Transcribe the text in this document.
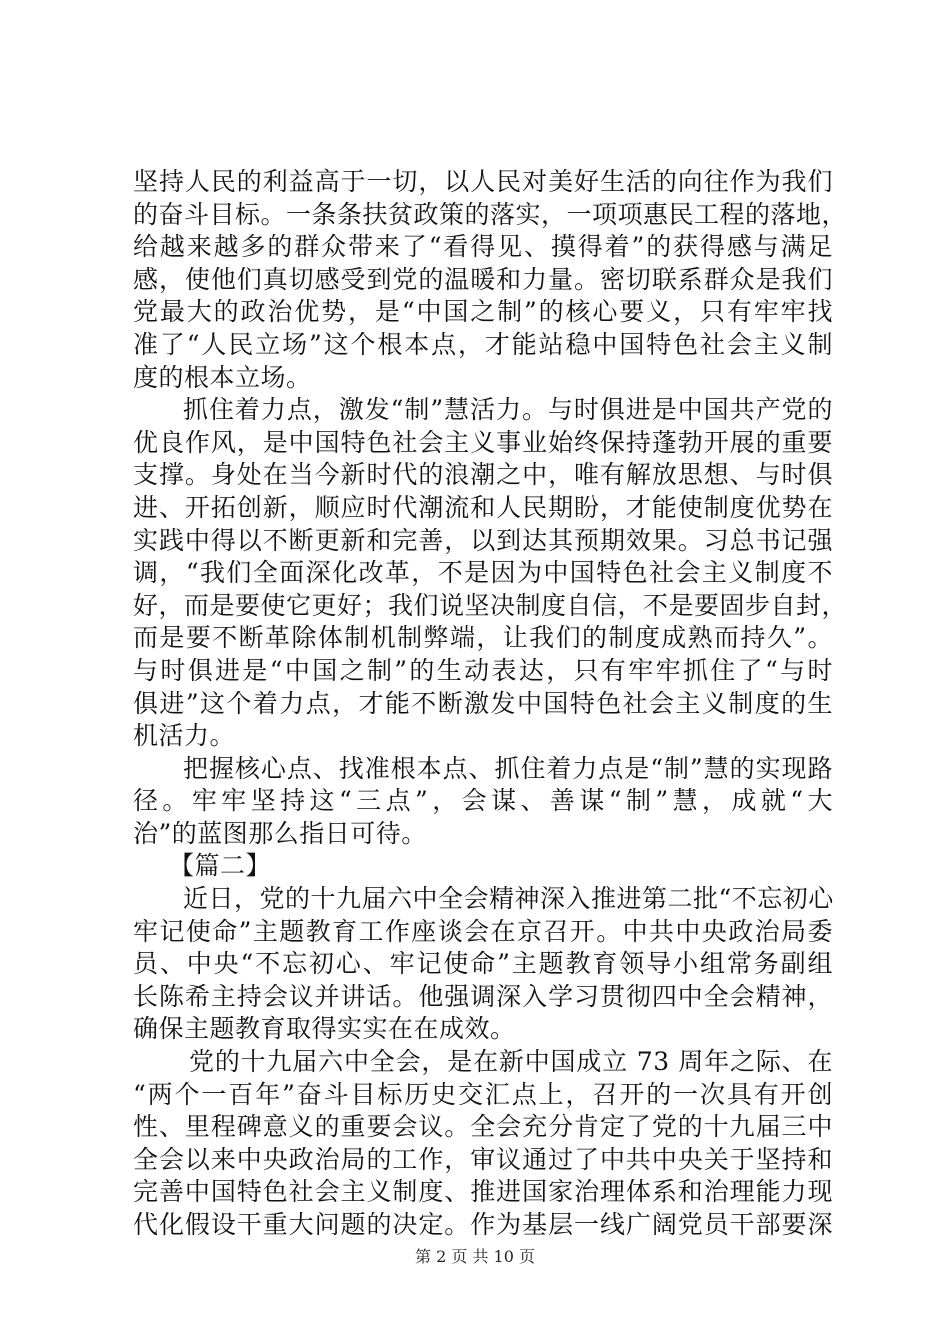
坚持人民的利益高于一切，以人民对美好生活的向往作为我们
的奋斗目标。一条条扶贫政策的落实，一项项惠民工程的落地，
给越来越多的群众带来了“看得见、摸得着”的获得感与满足
感，使他们真切感受到党的温暖和力量。密切联系群众是我们
党最大的政治优势，是“中国之制”的核心要义，只有牢牢找
准了“人民立场”这个根本点，才能站稳中国特色社会主义制
度的根本立场。
抓住着力点，激发“制”慧活力。与时俱进是中国共产党的
优良作风，是中国特色社会主义事业始终保持蓬勃开展的重要
支撑。身处在当今新时代的浪潮之中，唯有解放思想、与时俱
进、开拓创新，顺应时代潮流和人民期盼，才能使制度优势在
实践中得以不断更新和完善，以到达其预期效果。习总书记强
调，“我们全面深化改革，不是因为中国特色社会主义制度不
好，而是要使它更好；我们说坚决制度自信，不是要固步自封，
而是要不断革除体制机制弊端，让我们的制度成熟而持久”。
与时俱进是“中国之制”的生动表达，只有牢牢抓住了“与时
俱进”这个着力点，才能不断激发中国特色社会主义制度的生
机活力。
把握核心点、找准根本点、抓住着力点是“制”慧的实现路
径。牢牢坚持这“三点”，会谋、善谋“制”慧，成就“大
治”的蓝图那么指日可待。
【篇二】
近日，党的十九届六中全会精神深入推进第二批“不忘初心
牢记使命”主题教育工作座谈会在京召开。中共中央政治局委
员、中央“不忘初心、牢记使命”主题教育领导小组常务副组
长陈希主持会议并讲话。他强调深入学习贯彻四中全会精神，
确保主题教育取得实实在在成效。
党的十九届六中全会，是在新中国成立 73 周年之际、在
“两个一百年”奋斗目标历史交汇点上，召开的一次具有开创
性、里程碑意义的重要会议。全会充分肯定了党的十九届三中
全会以来中央政治局的工作，审议通过了中共中央关于坚持和
完善中国特色社会主义制度、推进国家治理体系和治理能力现
代化假设干重大问题的决定。作为基层一线广阔党员干部要深
第 2 页 共 10 页
